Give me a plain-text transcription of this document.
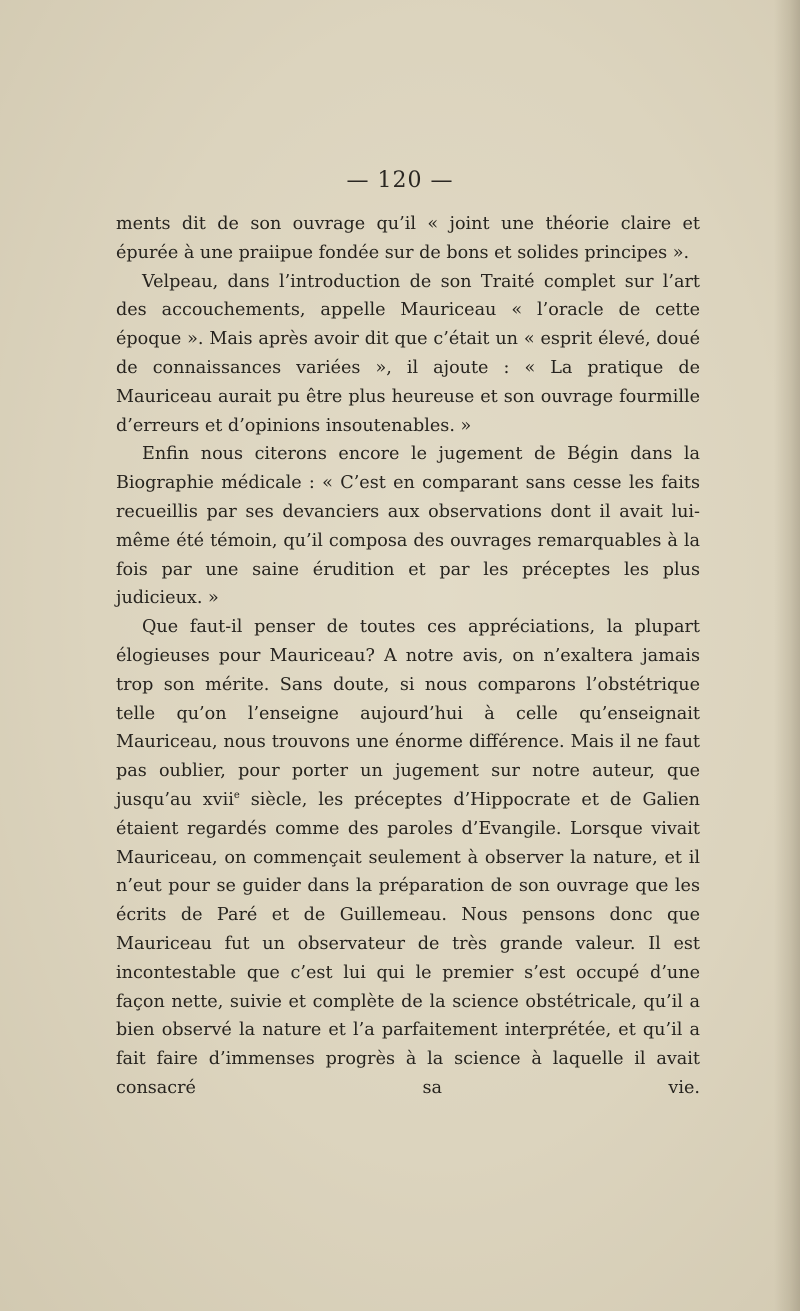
— 120 —

ments dit de son ouvrage qu’il « joint une théorie claire et épurée à une praiipue fondée sur de bons et solides principes ».

Velpeau, dans l’introduction de son Traité complet sur l’art des accouchements, appelle Mauriceau « l’oracle de cette époque ». Mais après avoir dit que c’était un « esprit élevé, doué de connaissances variées », il ajoute : « La pratique de Mauriceau aurait pu être plus heureuse et son ouvrage fourmille d’erreurs et d’opinions insoutenables. »

Enfin nous citerons encore le jugement de Bégin dans la Biographie médicale : « C’est en comparant sans cesse les faits recueillis par ses devanciers aux observations dont il avait lui-même été témoin, qu’il composa des ouvrages remarquables à la fois par une saine érudition et par les préceptes les plus judicieux. »

Que faut-il penser de toutes ces appréciations, la plupart élogieuses pour Mauriceau? A notre avis, on n’exaltera jamais trop son mérite. Sans doute, si nous comparons l’obstétrique telle qu’on l’enseigne aujourd’hui à celle qu’enseignait Mauriceau, nous trouvons une énorme différence. Mais il ne faut pas oublier, pour porter un jugement sur notre auteur, que jusqu’au xvii$^e$ siècle, les préceptes d’Hippocrate et de Galien étaient regardés comme des paroles d’Evangile. Lorsque vivait Mauriceau, on commençait seulement à observer la nature, et il n’eut pour se guider dans la préparation de son ouvrage que les écrits de Paré et de Guillemeau. Nous pensons donc que Mauriceau fut un observateur de très grande valeur. Il est incontestable que c’est lui qui le premier s’est occupé d’une façon nette, suivie et complète de la science obstétricale, qu’il a bien observé la nature et l’a parfaitement interprétée, et qu’il a fait faire d’immenses progrès à la science à laquelle il avait consacré sa vie.
